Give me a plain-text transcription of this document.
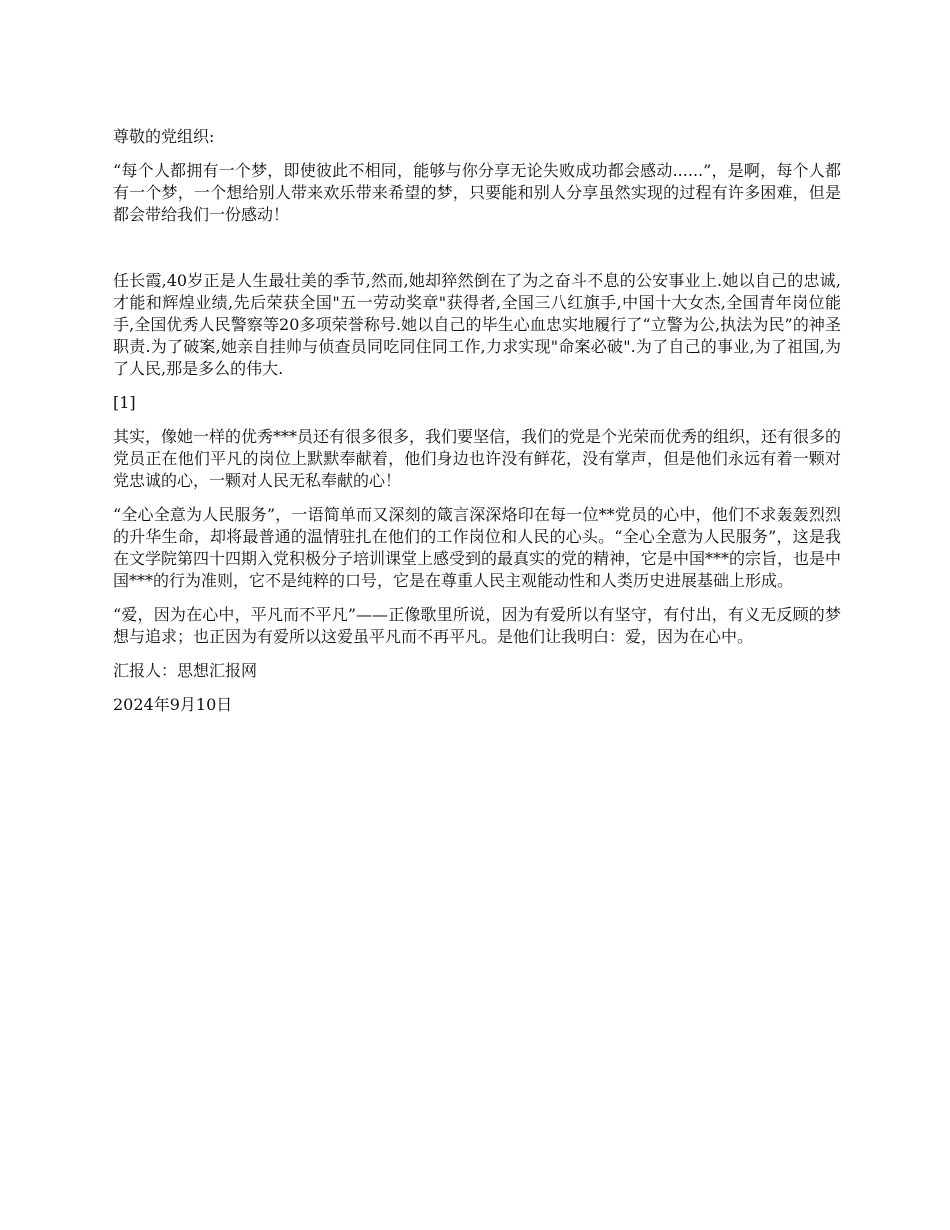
尊敬的党组织:

“每个人都拥有一个梦，即使彼此不相同，能够与你分享无论失败成功都会感动......”，是啊，每个人都有一个梦，一个想给别人带来欢乐带来希望的梦，只要能和别人分享虽然实现的过程有许多困难，但是都会带给我们一份感动！

任长霞,40岁正是人生最壮美的季节,然而,她却猝然倒在了为之奋斗不息的公安事业上.她以自己的忠诚,才能和辉煌业绩,先后荣获全国"五一劳动奖章"获得者,全国三八红旗手,中国十大女杰,全国青年岗位能手,全国优秀人民警察等20多项荣誉称号.她以自己的毕生心血忠实地履行了“立警为公,执法为民”的神圣职责.为了破案,她亲自挂帅与侦查员同吃同住同工作,力求实现"命案必破".为了自己的事业,为了祖国,为了人民,那是多么的伟大.

[1]

其实，像她一样的优秀***员还有很多很多，我们要坚信，我们的党是个光荣而优秀的组织，还有很多的党员正在他们平凡的岗位上默默奉献着，他们身边也许没有鲜花，没有掌声，但是他们永远有着一颗对党忠诚的心，一颗对人民无私奉献的心！

“全心全意为人民服务”，一语简单而又深刻的箴言深深烙印在每一位**党员的心中，他们不求轰轰烈烈的升华生命，却将最普通的温情驻扎在他们的工作岗位和人民的心头。“全心全意为人民服务”，这是我在文学院第四十四期入党积极分子培训课堂上感受到的最真实的党的精神，它是中国***的宗旨，也是中国***的行为准则，它不是纯粹的口号，它是在尊重人民主观能动性和人类历史进展基础上形成。

“爱，因为在心中，平凡而不平凡”——正像歌里所说，因为有爱所以有坚守，有付出，有义无反顾的梦想与追求；也正因为有爱所以这爱虽平凡而不再平凡。是他们让我明白：爱，因为在心中。

汇报人：思想汇报网

2024年9月10日
